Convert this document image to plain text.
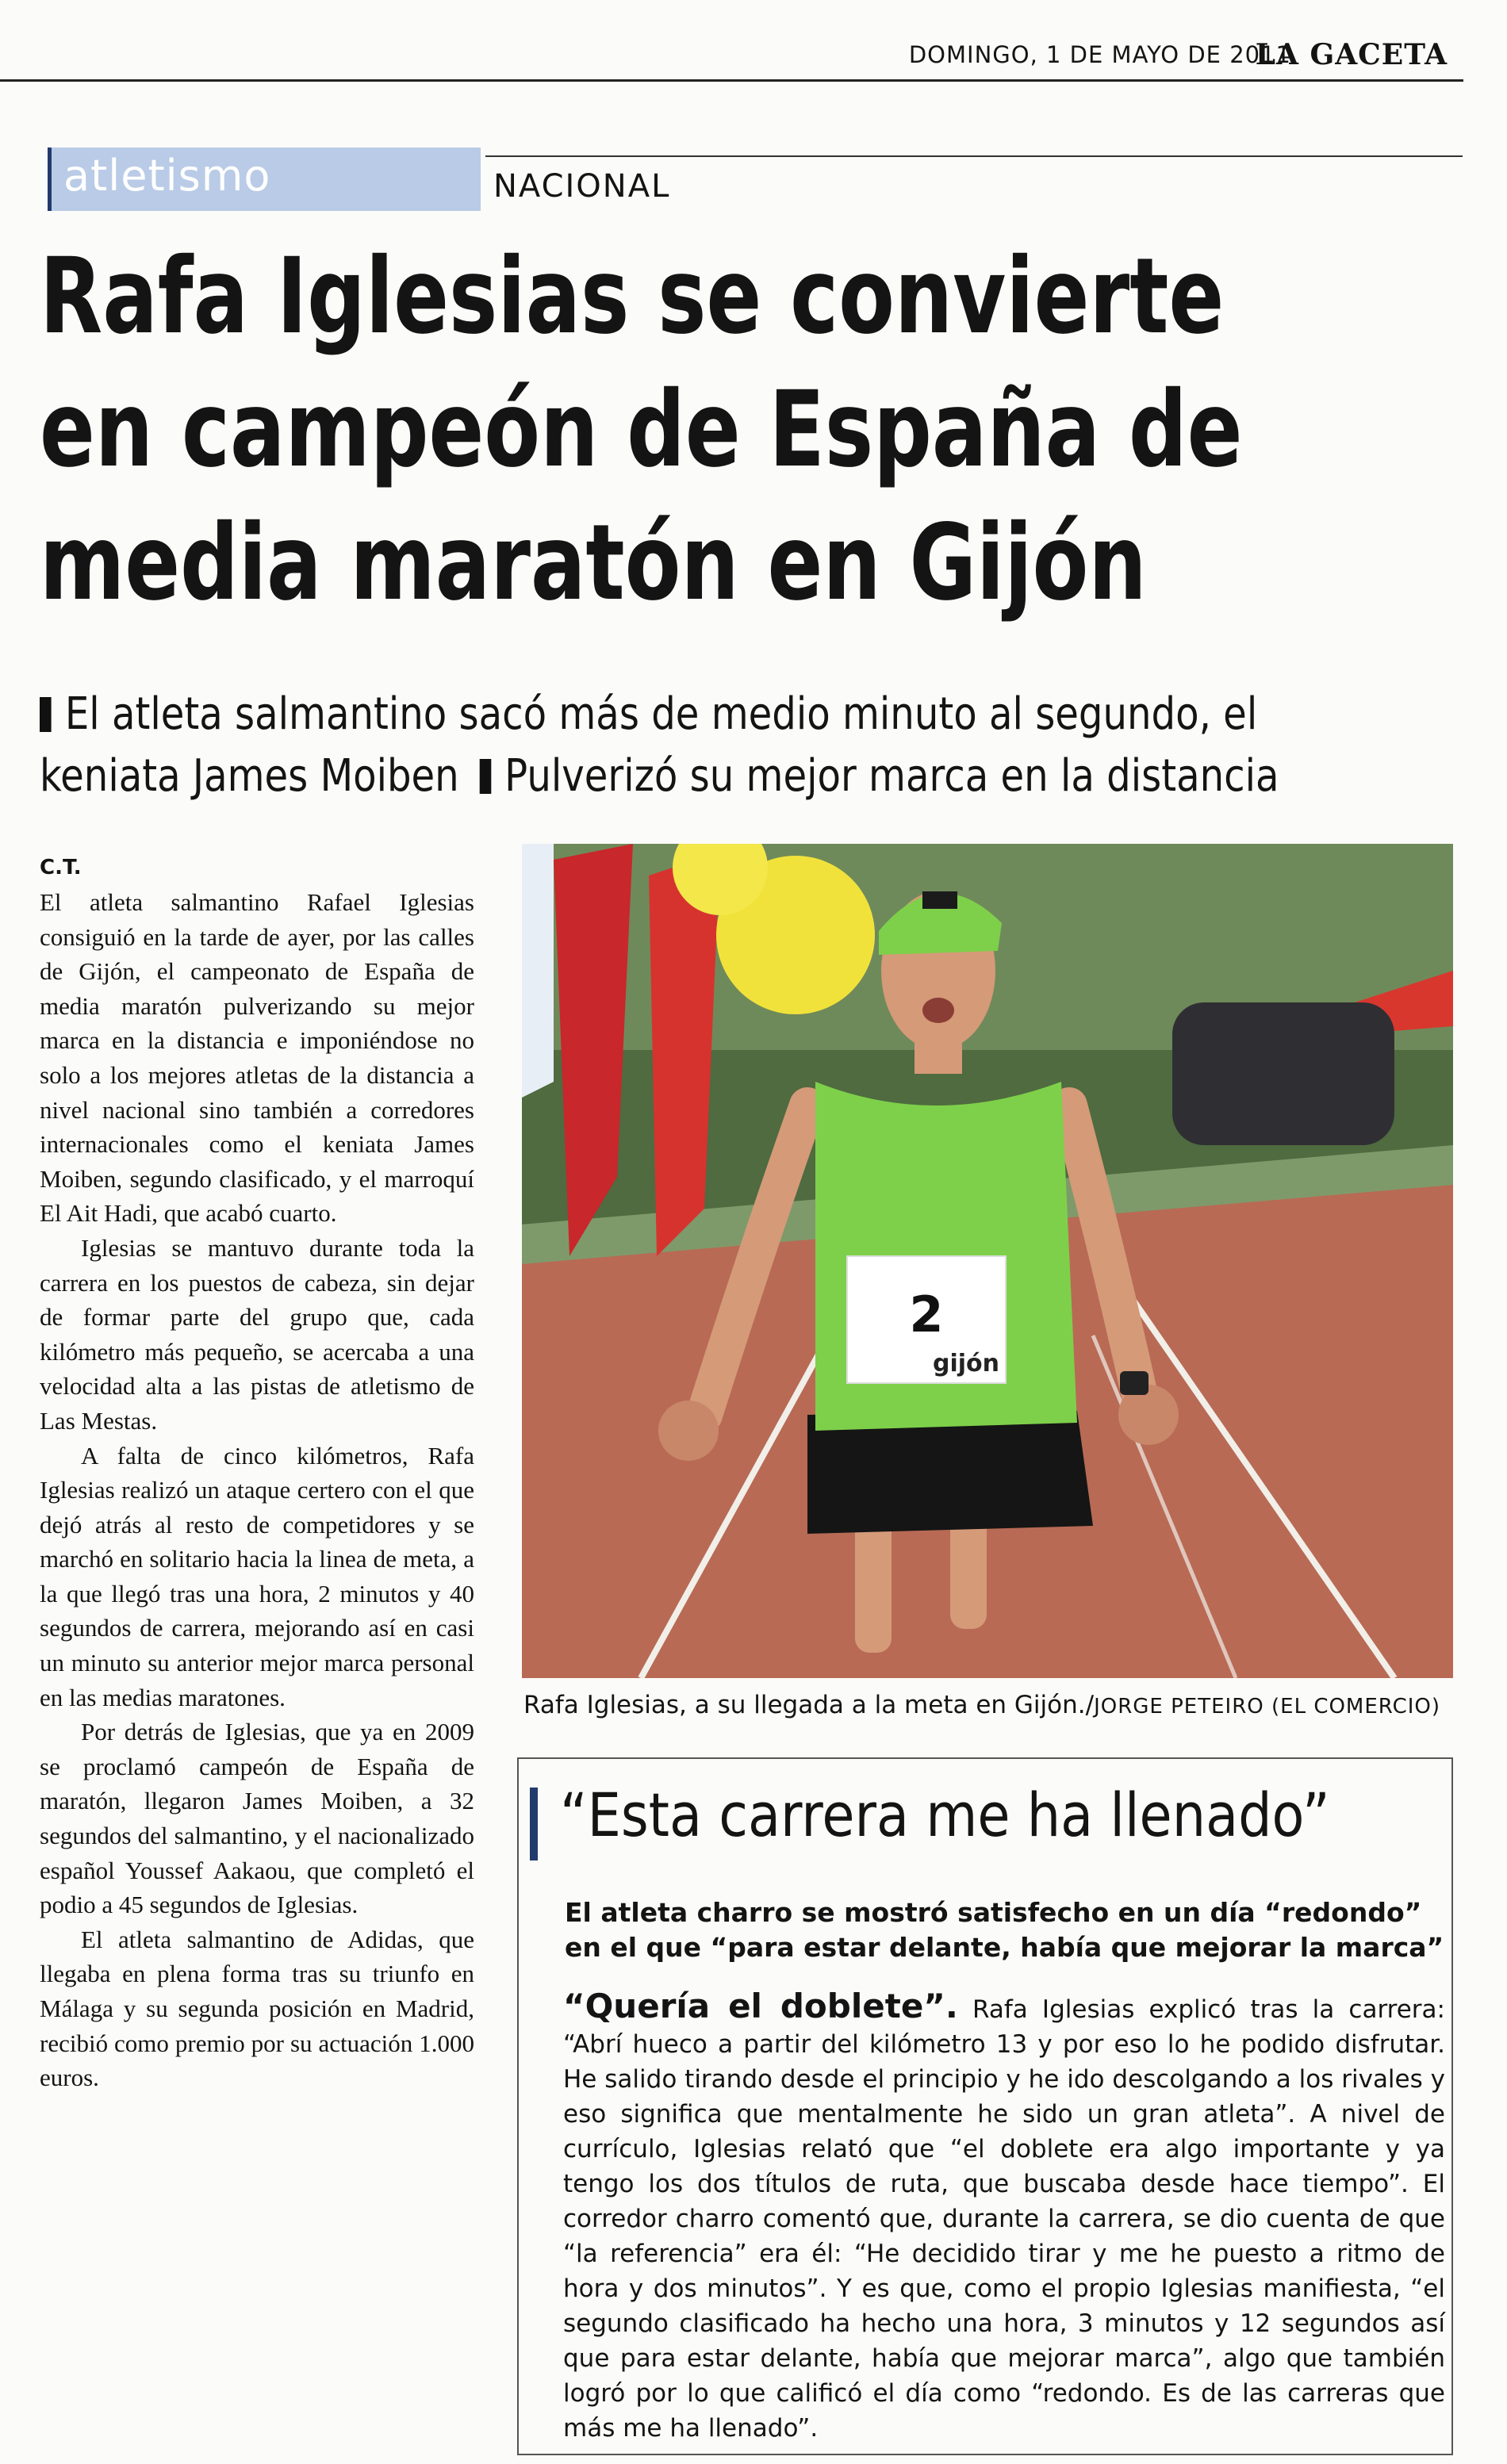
DOMINGO, 1 DE MAYO DE 2011
LA GACETA
atletismo	NACIONAL
Rafa Iglesias se convierte
en campeón de España de
media maratón en Gijón
El atleta salmantino sacó más de medio minuto al segundo, el
keniata James Moiben Pulverizó su mejor marca en la distancia
C.T.

El atleta salmantino Rafael Iglesias consiguió en la tarde de ayer, por las calles de Gijón, el campeonato de España de media maratón pulverizando su mejor marca en la distancia e imponiéndose no solo a los mejores atletas de la distancia a nivel nacional sino también a corredores internacionales como el keniata James Moiben, segundo clasificado, y el marroquí El Ait Hadi, que acabó cuarto.

Iglesias se mantuvo durante toda la carrera en los puestos de cabeza, sin dejar de formar parte del grupo que, cada kilómetro más pequeño, se acercaba a una velocidad alta a las pistas de atletismo de Las Mestas.

A falta de cinco kilómetros, Rafa Iglesias realizó un ataque certero con el que dejó atrás al resto de competidores y se marchó en solitario hacia la linea de meta, a la que llegó tras una hora, 2 minutos y 40 segundos de carrera, mejorando así en casi un minuto su anterior mejor marca personal en las medias maratones.

Por detrás de Iglesias, que ya en 2009 se proclamó campeón de España de maratón, llegaron James Moiben, a 32 segundos del salmantino, y el nacionalizado español Youssef Aakaou, que completó el podio a 45 segundos de Iglesias.

El atleta salmantino de Adidas, que llegaba en plena forma tras su triunfo en Málaga y su segunda posición en Madrid, recibió como premio por su actuación 1.000 euros.

2
gijón
Rafa Iglesias, a su llegada a la meta en Gijón./JORGE PETEIRO (EL COMERCIO)
“Esta carrera me ha llenado”
El atleta charro se mostró satisfecho en un día “redondo” en el que “para estar delante, había que mejorar la marca”
“Quería el doblete”. Rafa Iglesias explicó tras la carrera: “Abrí hueco a partir del kilómetro 13 y por eso lo he podido disfrutar. He salido tirando desde el principio y he ido descolgando a los rivales y eso significa que mentalmente he sido un gran atleta”. A nivel de currículo, Iglesias relató que “el doblete era algo importante y ya tengo los dos títulos de ruta, que buscaba desde hace tiempo”. El corredor charro comentó que, durante la carrera, se dio cuenta de que “la referencia” era él: “He decidido tirar y me he puesto a ritmo de hora y dos minutos”. Y es que, como el propio Iglesias manifiesta, “el segundo clasificado ha hecho una hora, 3 minutos y 12 segundos así que para estar delante, había que mejorar marca”, algo que también logró por lo que calificó el día como “redondo. Es de las carreras que más me ha llenado”.
